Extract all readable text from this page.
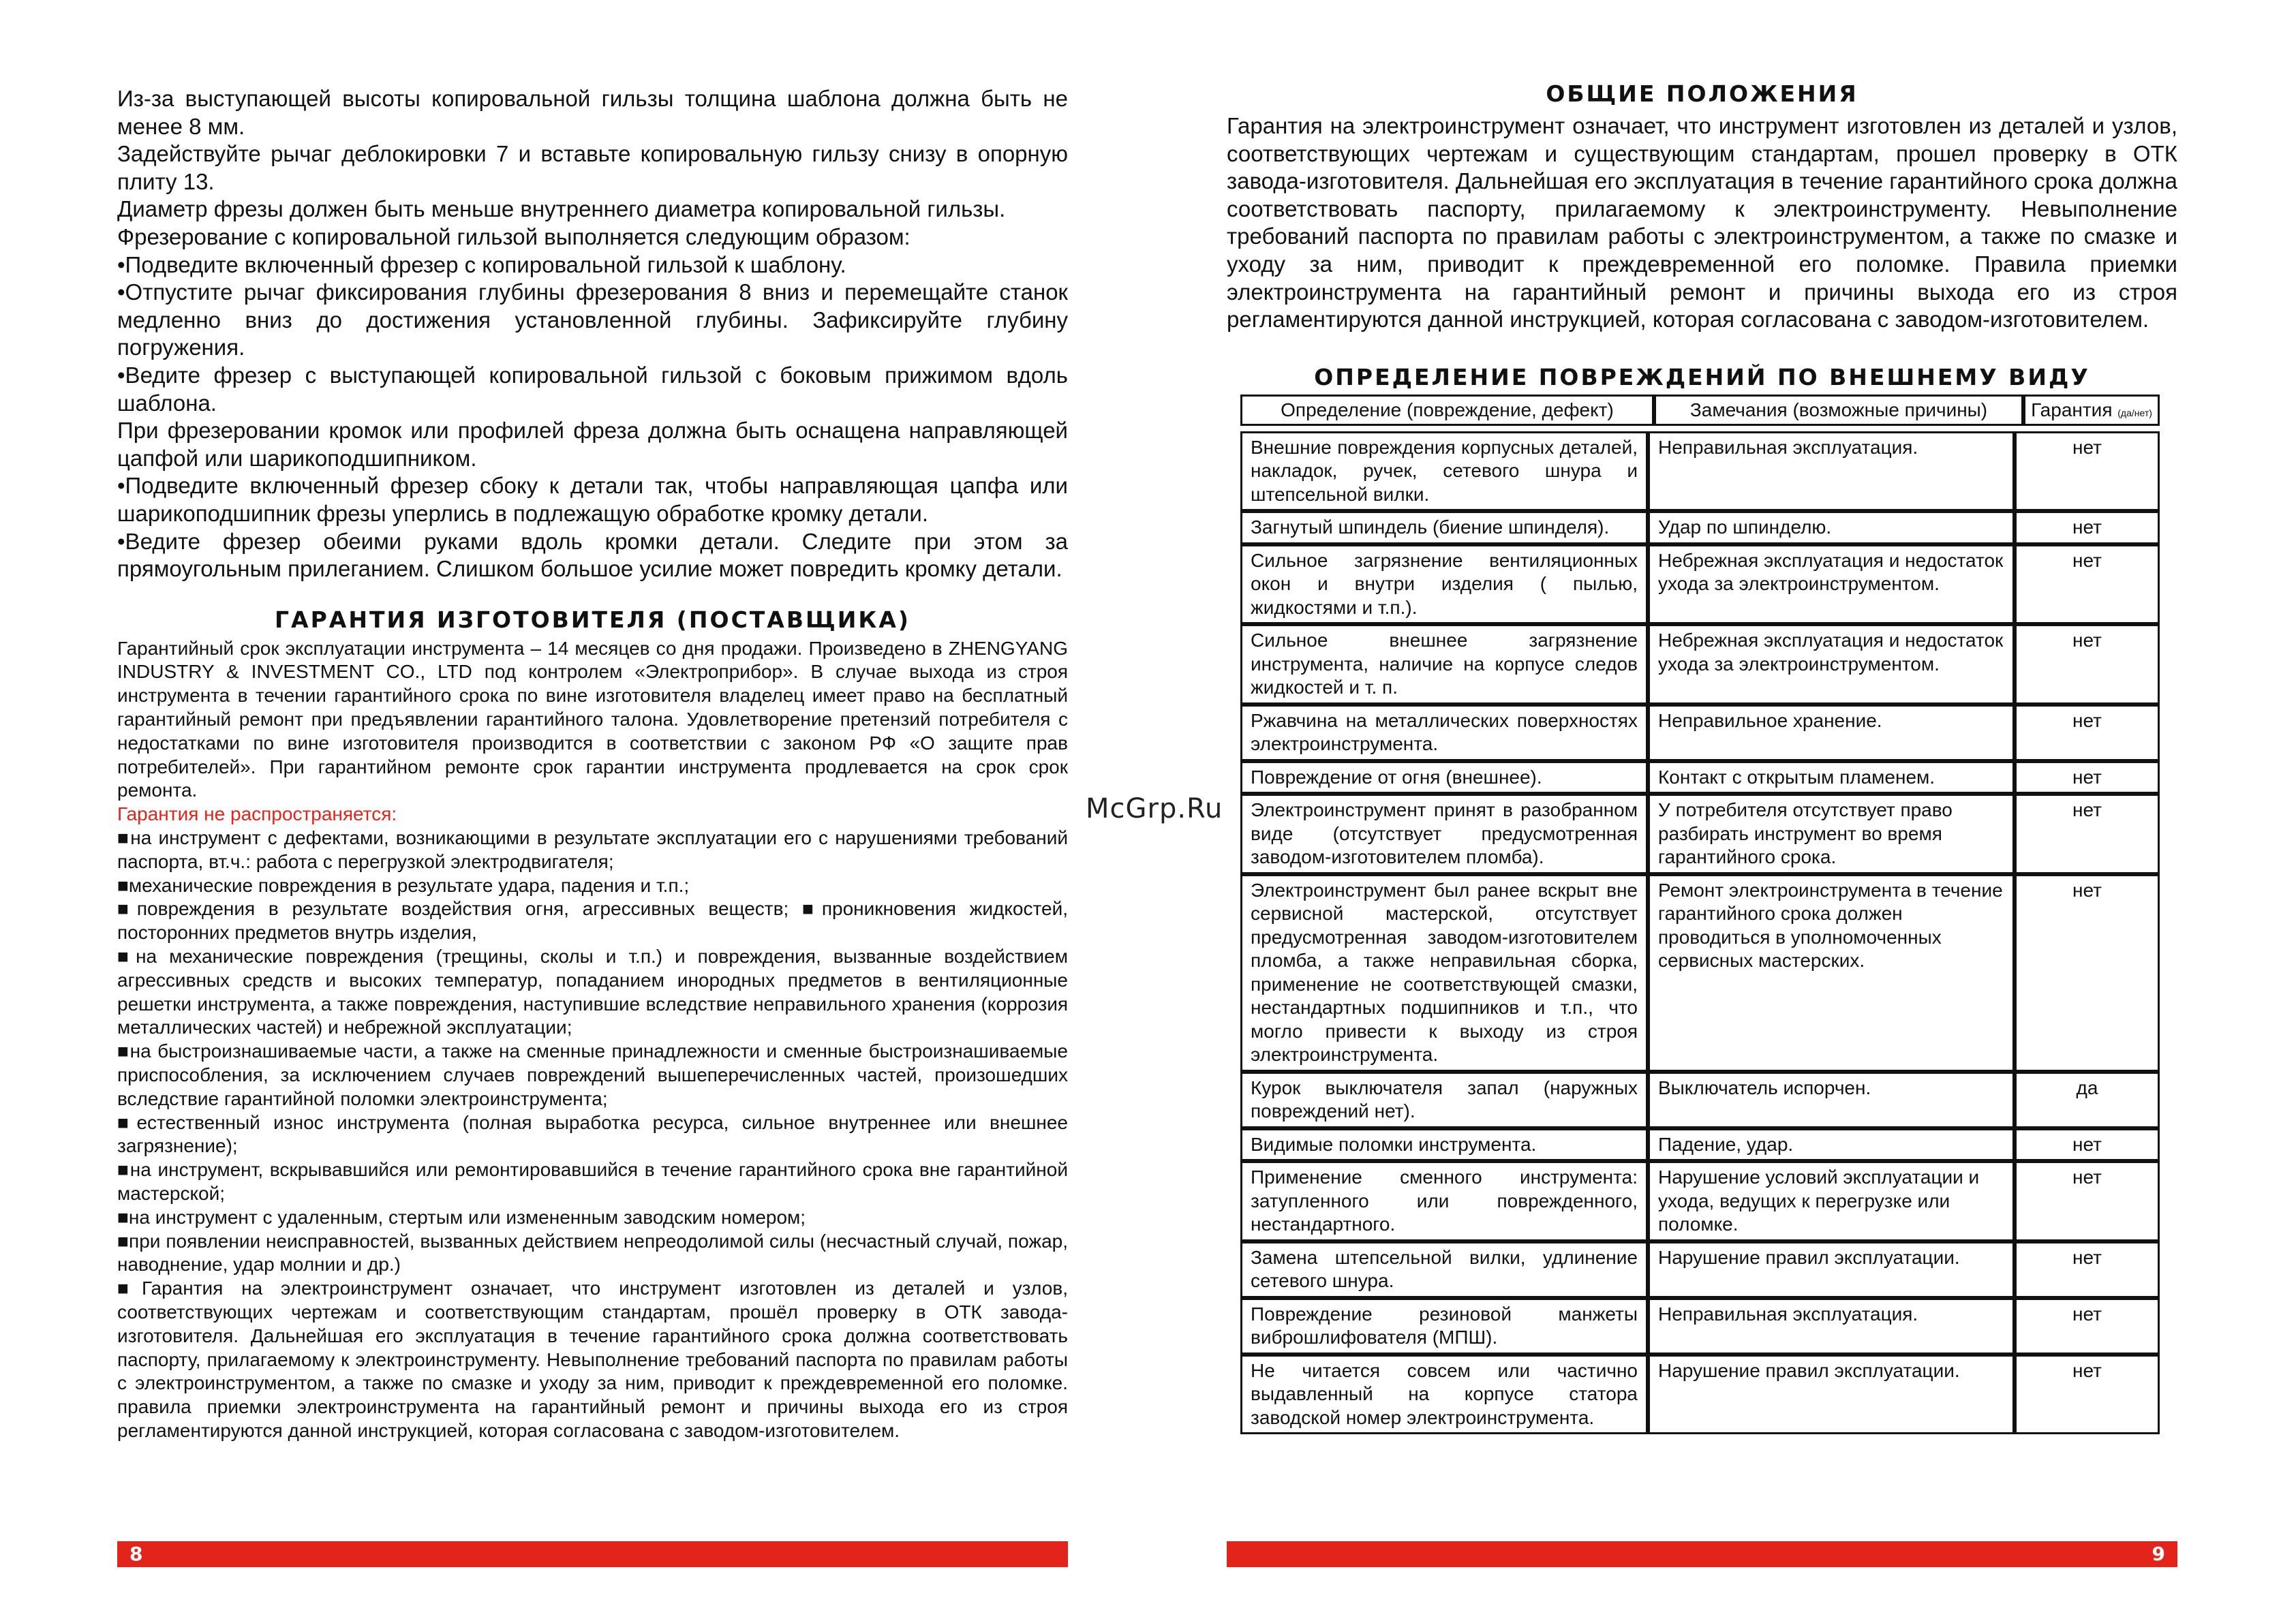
Из-за выступающей высоты копировальной гильзы толщина шаблона должна быть не менее 8 мм.

Задействуйте рычаг деблокировки 7 и вставьте копировальную гильзу снизу в опорную плиту 13.

Диаметр фрезы должен быть меньше внутреннего диаметра копировальной гильзы.

Фрезерование с копировальной гильзой выполняется следующим образом:

•Подведите включенный фрезер с копировальной гильзой к шаблону.

•Отпустите рычаг фиксирования глубины фрезерования 8 вниз и перемещайте станок медленно вниз до достижения установленной глубины. Зафиксируйте глубину погружения.

•Ведите фрезер с выступающей копировальной гильзой с боковым прижимом вдоль шаблона.

При фрезеровании кромок или профилей фреза должна быть оснащена направляющей цапфой или шарикоподшипником.

•Подведите включенный фрезер сбоку к детали так, чтобы направляющая цапфа или шарикоподшипник фрезы уперлись в подлежащую обработке кромку детали.

•Ведите фрезер обеими руками вдоль кромки детали. Следите при этом за прямоугольным прилеганием. Слишком большое усилие может повредить кромку детали.

ГАРАНТИЯ ИЗГОТОВИТЕЛЯ (ПОСТАВЩИКА)

Гарантийный срок эксплуатации инструмента – 14 месяцев со дня продажи. Произведено в ZHENGYANG INDUSTRY & INVESTMENT CO., LTD под контролем «Электроприбор». В случае выхода из строя инструмента в течении гарантийного срока по вине изготовителя владелец имеет право на бесплатный гарантийный ремонт при предъявлении гарантийного талона. Удовлетворение претензий потребителя с недостатками по вине изготовителя производится в соответствии с законом РФ «О защите прав потребителей». При гарантийном ремонте срок гарантии инструмента продлевается на срок срок ремонта.

Гарантия не распространяется:

■на инструмент с дефектами, возникающими в результате эксплуатации его с нарушениями требований паспорта, вт.ч.: работа с перегрузкой электродвигателя;

■механические повреждения в результате удара, падения и т.п.;

■повреждения в результате воздействия огня, агрессивных веществ; ■проникновения жидкостей, посторонних предметов внутрь изделия,

■на механические повреждения (трещины, сколы и т.п.) и повреждения, вызванные воздействием агрессивных средств и высоких температур, попаданием инородных предметов в вентиляционные решетки инструмента, а также повреждения, наступившие вследствие неправильного хранения (коррозия металлических частей) и небрежной эксплуатации;

■на быстроизнашиваемые части, а также на сменные принадлежности и сменные быстроизнашиваемые приспособления, за исключением случаев повреждений вышеперечисленных частей, произошедших вследствие гарантийной поломки электроинструмента;

■естественный износ инструмента (полная выработка ресурса, сильное внутреннее или внешнее загрязнение);

■на инструмент, вскрывавшийся или ремонтировавшийся в течение гарантийного срока вне гарантийной мастерской;

■на инструмент с удаленным, стертым или измененным заводским номером;

■при появлении неисправностей, вызванных действием непреодолимой силы (несчастный случай, пожар, наводнение, удар молнии и др.)

■Гарантия на электроинструмент означает, что инструмент изготовлен из деталей и узлов, соответствующих чертежам и соответствующим стандартам, прошёл проверку в ОТК завода-изготовителя. Дальнейшая его эксплуатация в течение гарантийного срока должна соответствовать паспорту, прилагаемому к электроинструменту. Невыполнение требований паспорта по правилам работы с электроинструментом, а также по смазке и уходу за ним, приводит к преждевременной его поломке. правила приемки электроинструмента на гарантийный ремонт и причины выхода его из строя регламентируются данной инструкцией, которая согласована с заводом-изготовителем.

McGrp.Ru
ОБЩИЕ ПОЛОЖЕНИЯ

Гарантия на электроинструмент означает, что инструмент изготовлен из деталей и узлов, соответствующих чертежам и существующим стандартам, прошел проверку в ОТК завода-изготовителя. Дальнейшая его эксплуатация в течение гарантийного срока должна соответствовать паспорту, прилагаемому к электроинструменту. Невыполнение требований паспорта по правилам работы с электроинструментом, а также по смазке и уходу за ним, приводит к преждевременной его поломке. Правила приемки электроинструмента на гарантийный ремонт и причины выхода его из строя регламентируются данной инструкцией, которая согласована с заводом-изготовителем.

ОПРЕДЕЛЕНИЕ ПОВРЕЖДЕНИЙ ПО ВНЕШНЕМУ ВИДУ
Определение (повреждение, дефект)	Замечания (возможные причины)	Гарантия (да/нет)
Внешние повреждения корпусных деталей, накладок, ручек, сетевого шнура и штепсельной вилки.	Неправильная эксплуатация.	нет
Загнутый шпиндель (биение шпинделя).	Удар по шпинделю.	нет
Сильное загрязнение вентиляционных окон и внутри изделия ( пылью, жидкостями и т.п.).	Небрежная эксплуатация и недостаток ухода за электроинструментом.	нет
Сильное внешнее загрязнение инструмента, наличие на корпусе следов жидкостей и т. п.	Небрежная эксплуатация и недостаток ухода за электроинструментом.	нет
Ржавчина на металлических поверхностях электроинструмента.	Неправильное хранение.	нет
Повреждение от огня (внешнее).	Контакт с открытым пламенем.	нет
Электроинструмент принят в разобранном виде (отсутствует предусмотренная заводом-изготовителем пломба).	У потребителя отсутствует право разбирать инструмент во время гарантийного срока.	нет
Электроинструмент был ранее вскрыт вне сервисной мастерской, отсутствует предусмотренная заводом-изготовителем пломба, а также неправильная сборка, применение не соответствующей смазки, нестандартных подшипников и т.п., что могло привести к выходу из строя электроинструмента.	Ремонт электроинструмента в течение гарантийного срока должен проводиться в уполномоченных сервисных мастерских.	нет
Курок выключателя запал (наружных повреждений нет).	Выключатель испорчен.	да
Видимые поломки инструмента.	Падение, удар.	нет
Применение сменного инструмента: затупленного или поврежденного, нестандартного.	Нарушение условий эксплуатации и ухода, ведущих к перегрузке или поломке.	нет
Замена штепсельной вилки, удлинение сетевого шнура.	Нарушение правил эксплуатации.	нет
Повреждение резиновой манжеты виброшлифователя (МПШ).	Неправильная эксплуатация.	нет
Не читается совсем или частично выдавленный на корпусе статора заводской номер электроинструмента.	Нарушение правил эксплуатации.	нет
8	9
